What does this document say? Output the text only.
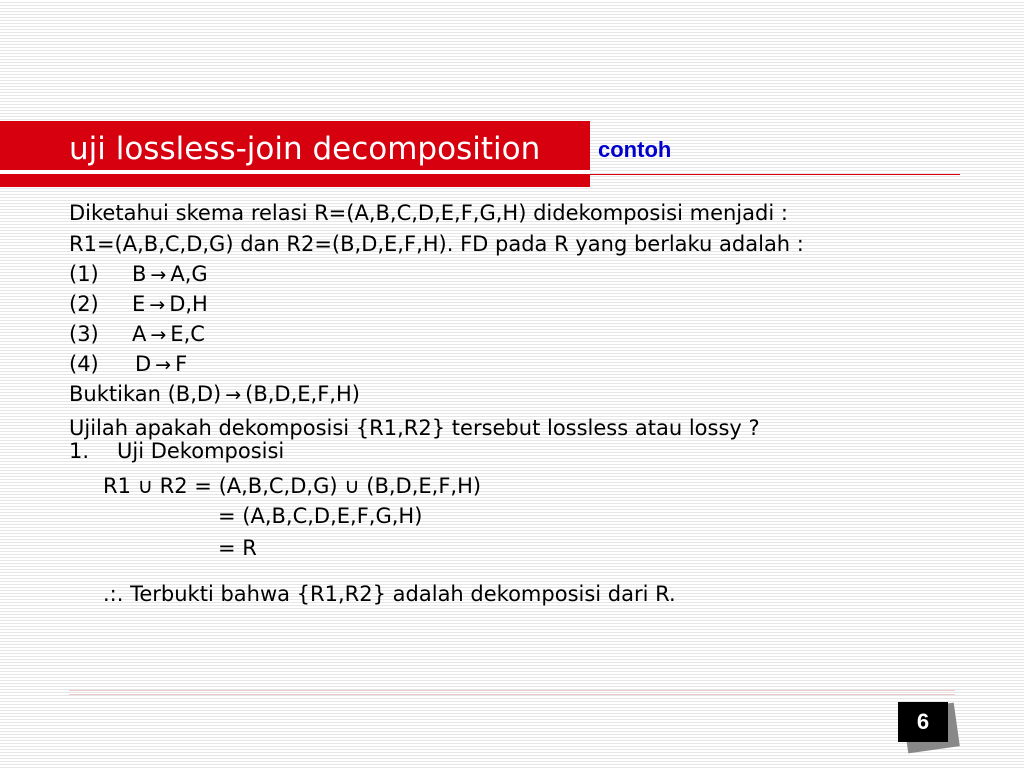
uji lossless-join decomposition	contoh
Diketahui skema relasi R=(A,B,C,D,E,F,G,H) didekomposisi menjadi :
R1=(A,B,C,D,G) dan R2=(B,D,E,F,H). FD pada R yang berlaku adalah :
(1) B → A,G
(2) E → D,H
(3) A → E,C
(4) D → F
Buktikan (B,D) → (B,D,E,F,H)
Ujilah apakah dekomposisi {R1,R2} tersebut lossless atau lossy ?
1. Uji Dekomposisi
R1 ∪ R2 = (A,B,C,D,G) ∪ (B,D,E,F,H)
= (A,B,C,D,E,F,G,H)
= R
.:. Terbukti bahwa {R1,R2} adalah dekomposisi dari R.
6
